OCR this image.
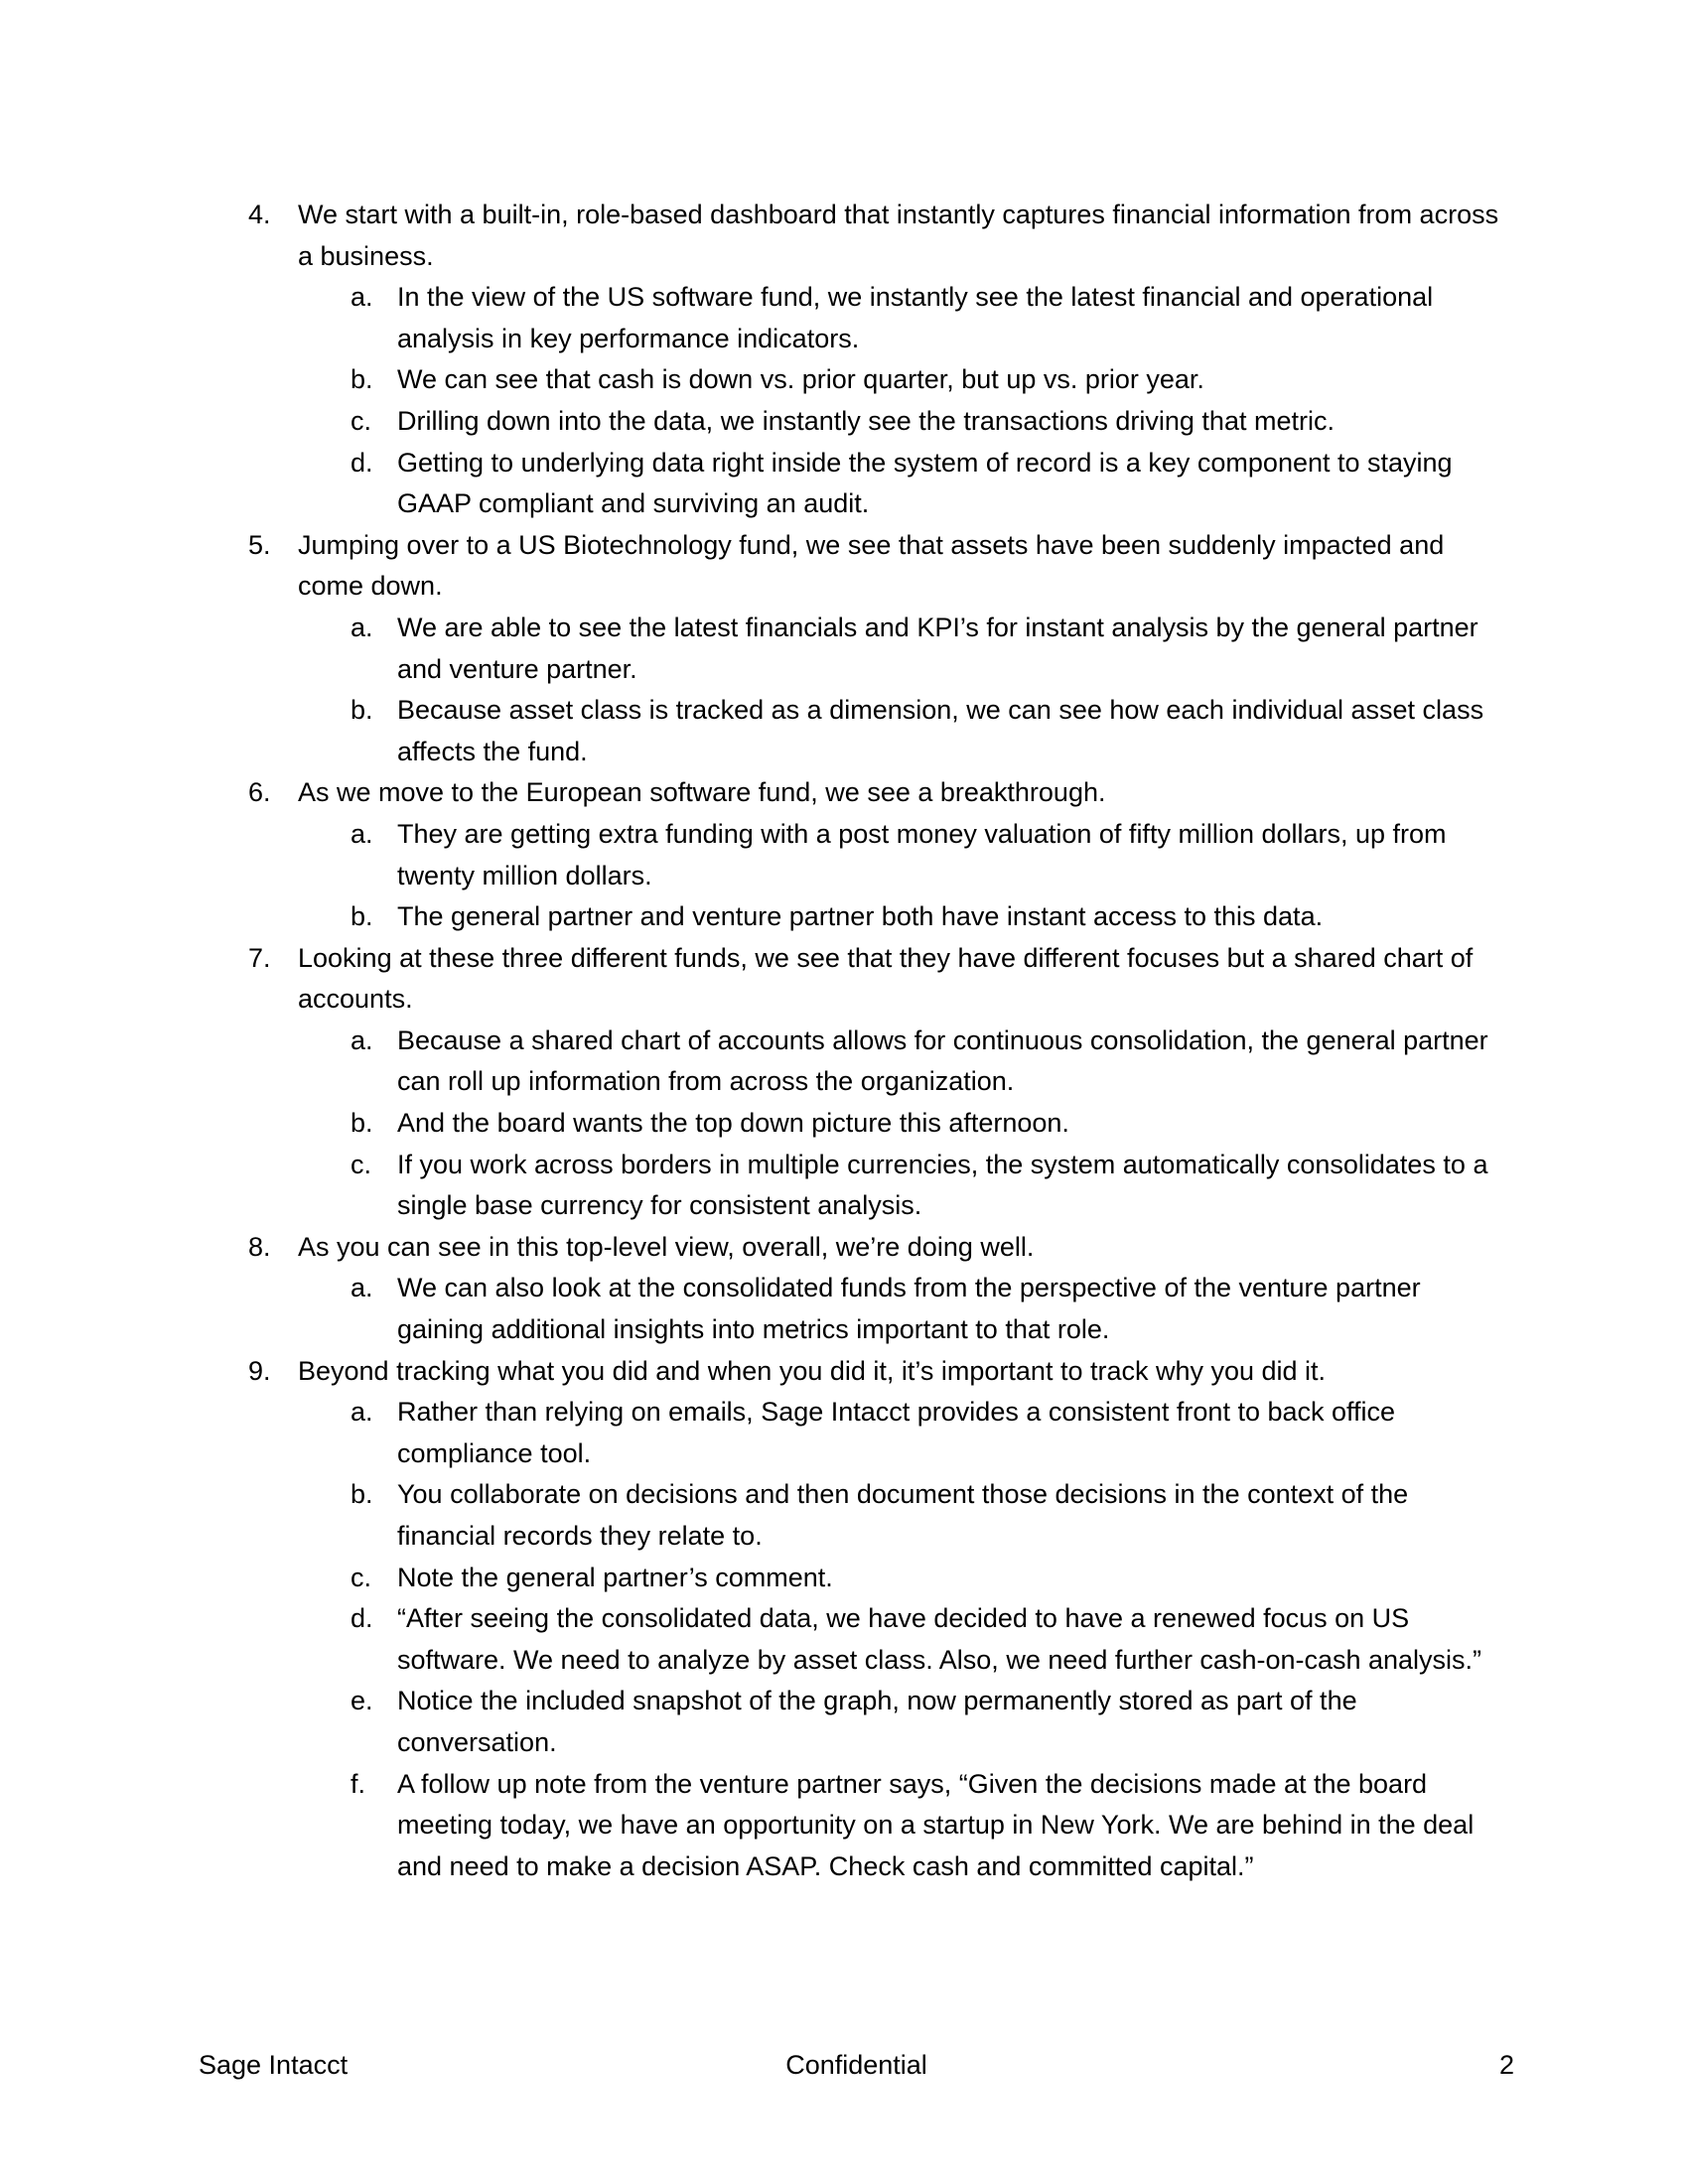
4.	We start with a built-in, role-based dashboard that instantly captures financial information from across a business.
a. In the view of the US software fund, we instantly see the latest financial and operational analysis in key performance indicators.
b. We can see that cash is down vs. prior quarter, but up vs. prior year.
c. Drilling down into the data, we instantly see the transactions driving that metric.
d. Getting to underlying data right inside the system of record is a key component to staying GAAP compliant and surviving an audit.
5.	Jumping over to a US Biotechnology fund, we see that assets have been suddenly impacted and come down.
a. We are able to see the latest financials and KPI’s for instant analysis by the general partner and venture partner.
b. Because asset class is tracked as a dimension, we can see how each individual asset class affects the fund.
6.	As we move to the European software fund, we see a breakthrough.
a. They are getting extra funding with a post money valuation of fifty million dollars, up from twenty million dollars.
b. The general partner and venture partner both have instant access to this data.
7.	Looking at these three different funds, we see that they have different focuses but a shared chart of accounts.
a. Because a shared chart of accounts allows for continuous consolidation, the general partner can roll up information from across the organization.
b. And the board wants the top down picture this afternoon.
c. If you work across borders in multiple currencies, the system automatically consolidates to a single base currency for consistent analysis.
8.	As you can see in this top-level view, overall, we’re doing well.
a. We can also look at the consolidated funds from the perspective of the venture partner gaining additional insights into metrics important to that role.
9.	Beyond tracking what you did and when you did it, it’s important to track why you did it.
a. Rather than relying on emails, Sage Intacct provides a consistent front to back office compliance tool.
b. You collaborate on decisions and then document those decisions in the context of the financial records they relate to.
c. Note the general partner’s comment.
d. “After seeing the consolidated data, we have decided to have a renewed focus on US software. We need to analyze by asset class. Also, we need further cash-on-cash analysis.”
e. Notice the included snapshot of the graph, now permanently stored as part of the conversation.
f.	A follow up note from the venture partner says, “Given the decisions made at the board meeting today, we have an opportunity on a startup in New York. We are behind in the deal and need to make a decision ASAP. Check cash and committed capital.”
Sage Intacct	Confidential	2
